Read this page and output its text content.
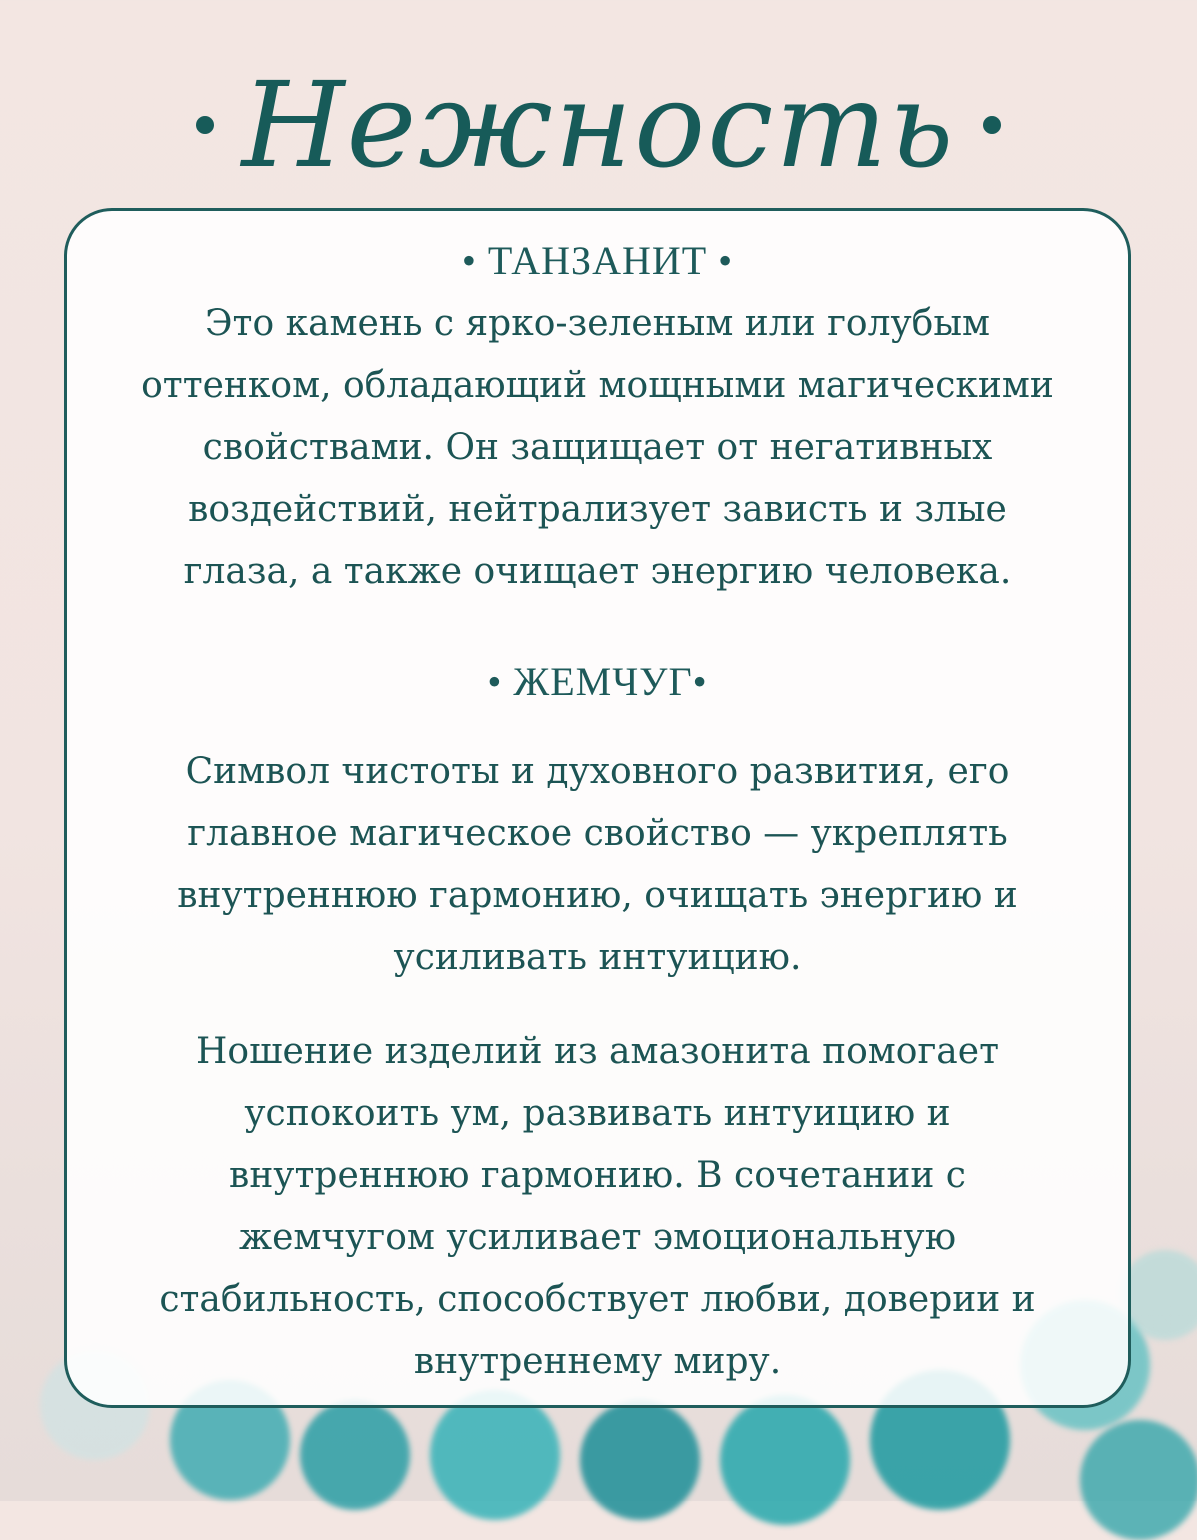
Нежность
• ТАНЗАНИТ •
Это камень с ярко-зеленым или голубым
оттенком, обладающий мощными магическими
свойствами. Он защищает от негативных
воздействий, нейтрализует зависть и злые
глаза, а также очищает энергию человека.
• ЖЕМЧУГ•
Символ чистоты и духовного развития, его
главное магическое свойство — укреплять
внутреннюю гармонию, очищать энергию и
усиливать интуицию.
Ношение изделий из амазонита помогает
успокоить ум, развивать интуицию и
внутреннюю гармонию. В сочетании с
жемчугом усиливает эмоциональную
стабильность, способствует любви, доверии и
внутреннему миру.
